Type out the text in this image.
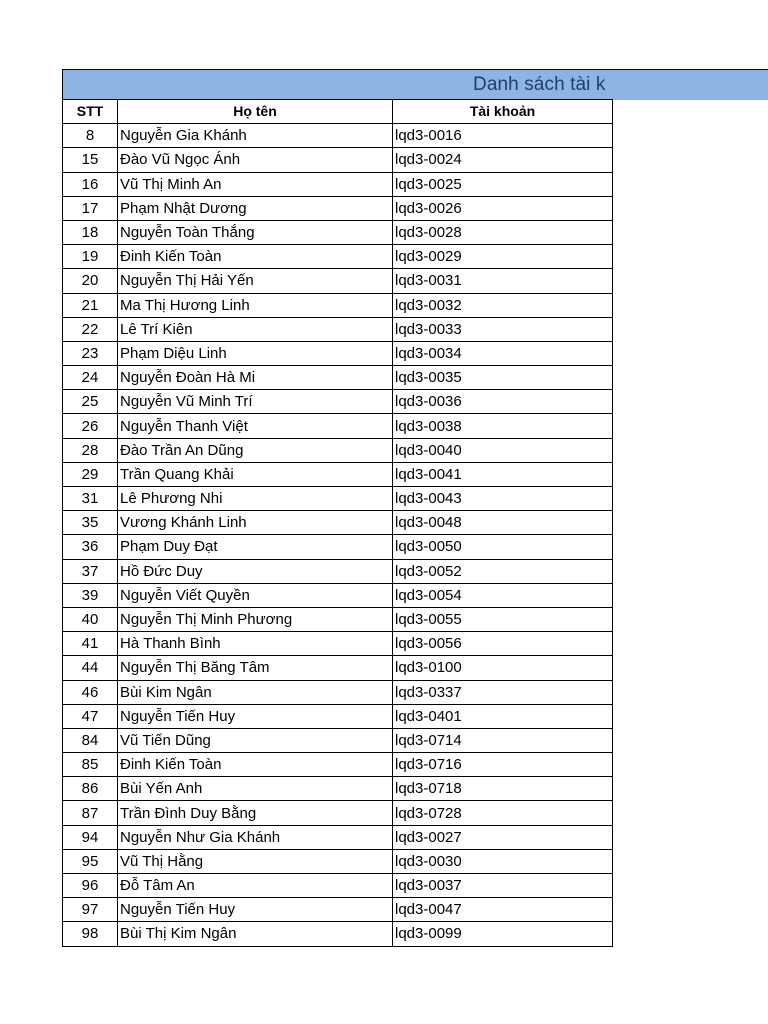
Danh sách tài k
STT	Họ tên	Tài khoản
8	Nguyễn Gia Khánh	lqd3-0016
15	Đào Vũ Ngọc Ánh	lqd3-0024
16	Vũ Thị Minh An	lqd3-0025
17	Phạm Nhật Dương	lqd3-0026
18	Nguyễn Toàn Thắng	lqd3-0028
19	Đinh Kiến Toàn	lqd3-0029
20	Nguyễn Thị Hải Yến	lqd3-0031
21	Ma Thị Hương Linh	lqd3-0032
22	Lê Trí Kiên	lqd3-0033
23	Phạm Diệu Linh	lqd3-0034
24	Nguyễn Đoàn Hà Mi	lqd3-0035
25	Nguyễn Vũ Minh Trí	lqd3-0036
26	Nguyễn Thanh Việt	lqd3-0038
28	Đào Trần An Dũng	lqd3-0040
29	Trần Quang Khải	lqd3-0041
31	Lê Phương Nhi	lqd3-0043
35	Vương Khánh Linh	lqd3-0048
36	Phạm Duy Đạt	lqd3-0050
37	Hồ Đức Duy	lqd3-0052
39	Nguyễn Viết Quyền	lqd3-0054
40	Nguyễn Thị Minh Phương	lqd3-0055
41	Hà Thanh Bình	lqd3-0056
44	Nguyễn Thị Băng Tâm	lqd3-0100
46	Bùi Kim Ngân	lqd3-0337
47	Nguyễn Tiến Huy	lqd3-0401
84	Vũ Tiến Dũng	lqd3-0714
85	Đinh Kiến Toàn	lqd3-0716
86	Bùi Yến Anh	lqd3-0718
87	Trần Đình Duy Bằng	lqd3-0728
94	Nguyễn Như Gia Khánh	lqd3-0027
95	Vũ Thị Hằng	lqd3-0030
96	Đỗ Tâm An	lqd3-0037
97	Nguyễn Tiến Huy	lqd3-0047
98	Bùi Thị Kim Ngân	lqd3-0099
